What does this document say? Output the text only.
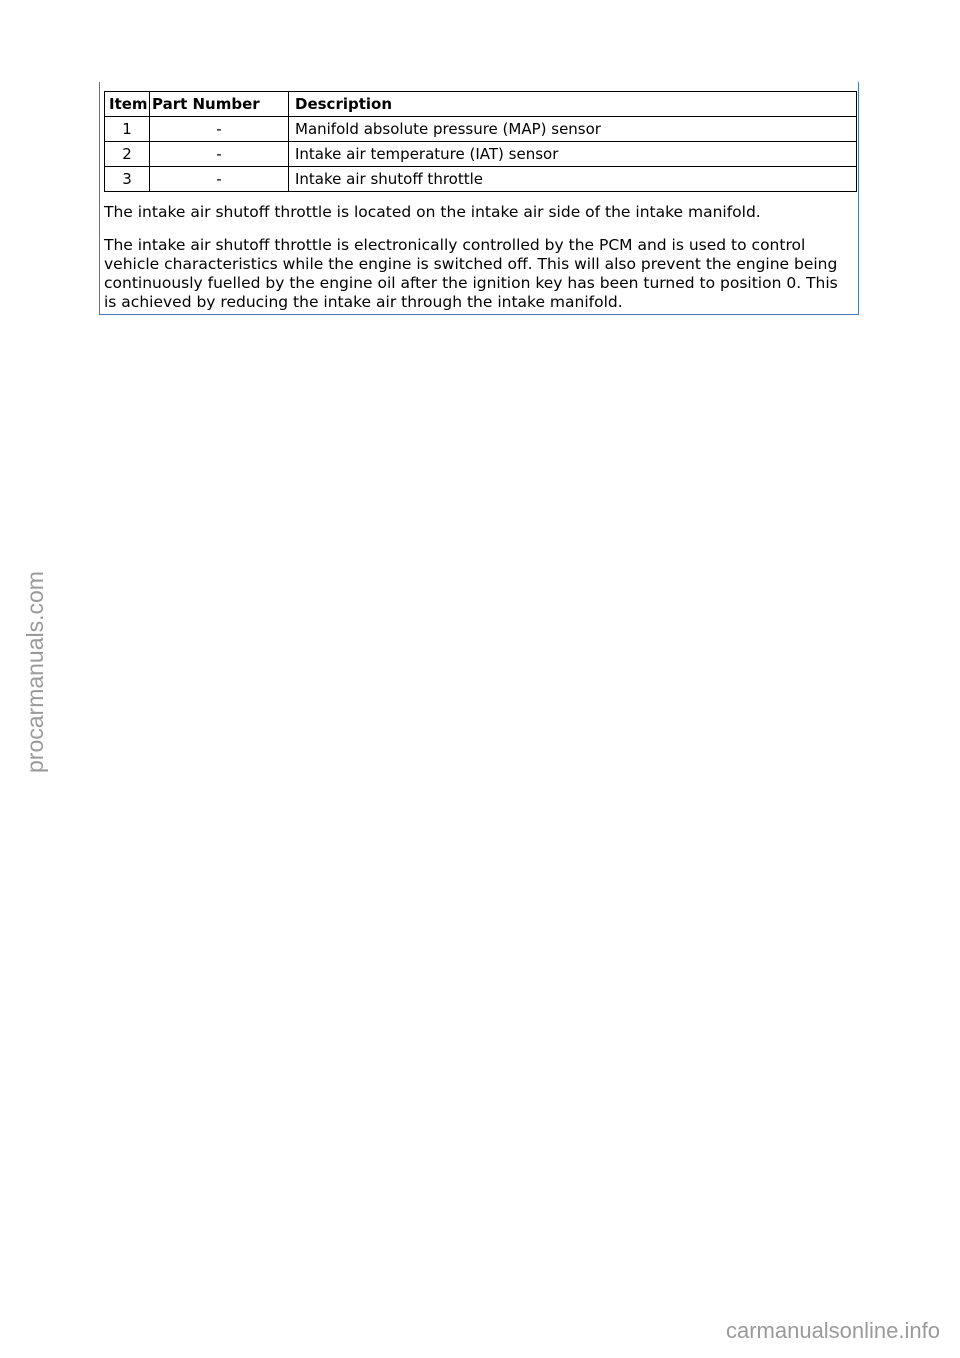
Item	Part Number	Description
1	-	Manifold absolute pressure (MAP) sensor
2	-	Intake air temperature (IAT) sensor
3	-	Intake air shutoff throttle

The intake air shutoff throttle is located on the intake air side of the intake manifold.

The intake air shutoff throttle is electronically controlled by the PCM and is used to control vehicle characteristics while the engine is switched off. This will also prevent the engine being continuously fuelled by the engine oil after the ignition key has been turned to position 0. This is achieved by reducing the intake air through the intake manifold.

procarmanuals.com
carmanualsonline.info
